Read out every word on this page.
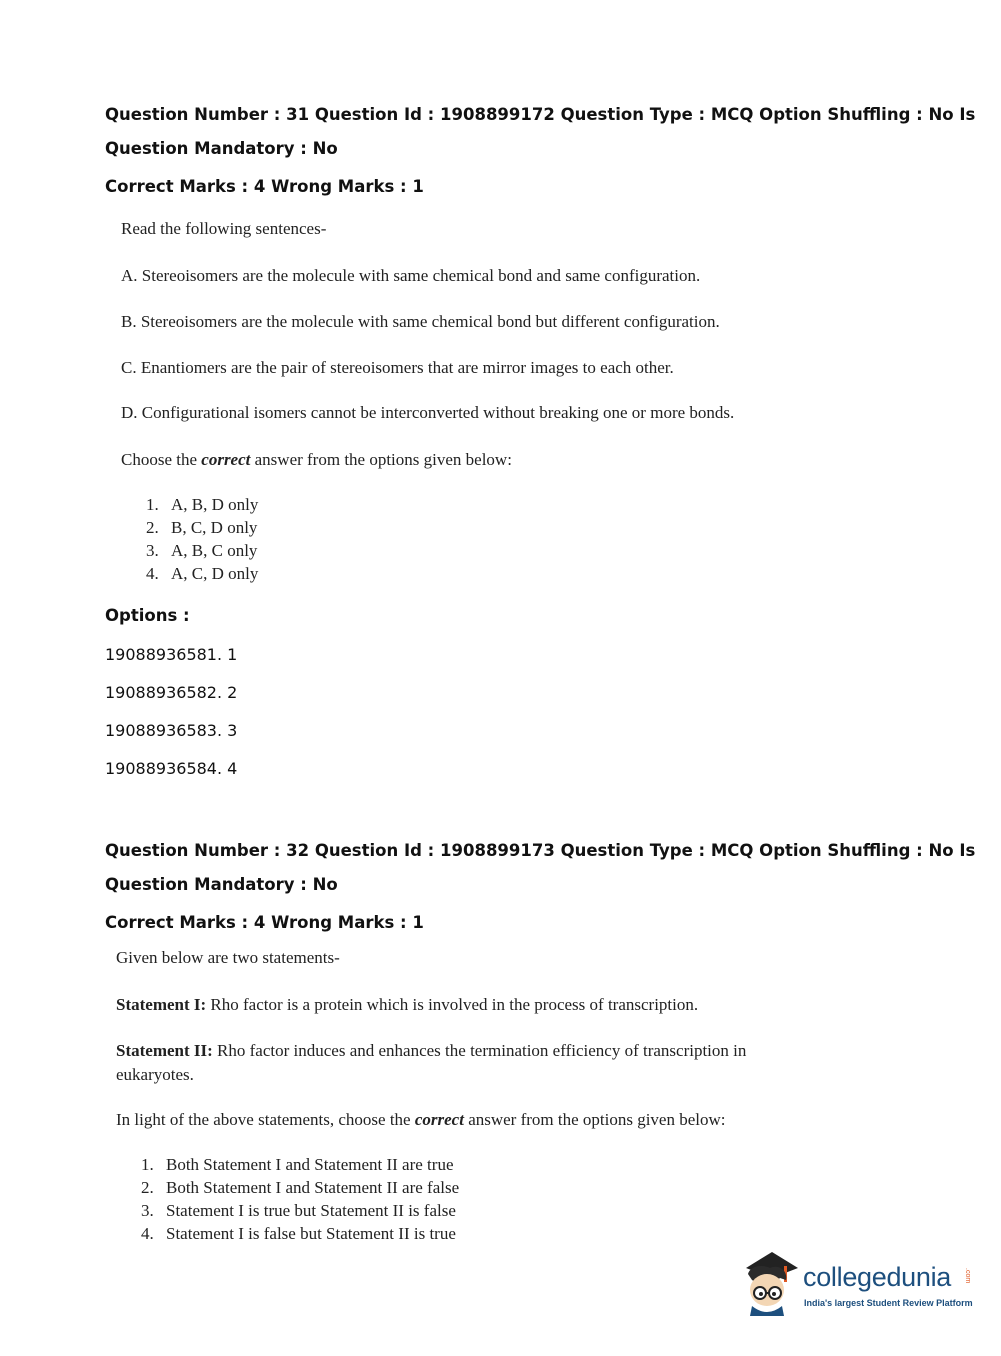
Question Number : 31 Question Id : 1908899172 Question Type : MCQ Option Shuffling : No Is
Question Mandatory : No
Correct Marks : 4 Wrong Marks : 1
Read the following sentences-
A. Stereoisomers are the molecule with same chemical bond and same configuration.
B. Stereoisomers are the molecule with same chemical bond but different configuration.
C. Enantiomers are the pair of stereoisomers that are mirror images to each other.
D. Configurational isomers cannot be interconverted without breaking one or more bonds.
Choose the correct answer from the options given below:
1. A, B, D only
2. B, C, D only
3. A, B, C only
4. A, C, D only
Options :
19088936581. 1
19088936582. 2
19088936583. 3
19088936584. 4
Question Number : 32 Question Id : 1908899173 Question Type : MCQ Option Shuffling : No Is
Question Mandatory : No
Correct Marks : 4 Wrong Marks : 1
Given below are two statements-
Statement I: Rho factor is a protein which is involved in the process of transcription.
Statement II: Rho factor induces and enhances the termination efficiency of transcription in
eukaryotes.
In light of the above statements, choose the correct answer from the options given below:
1. Both Statement I and Statement II are true
2. Both Statement I and Statement II are false
3. Statement I is true but Statement II is false
4. Statement I is false but Statement II is true
collegedunia .com
India's largest Student Review Platform
